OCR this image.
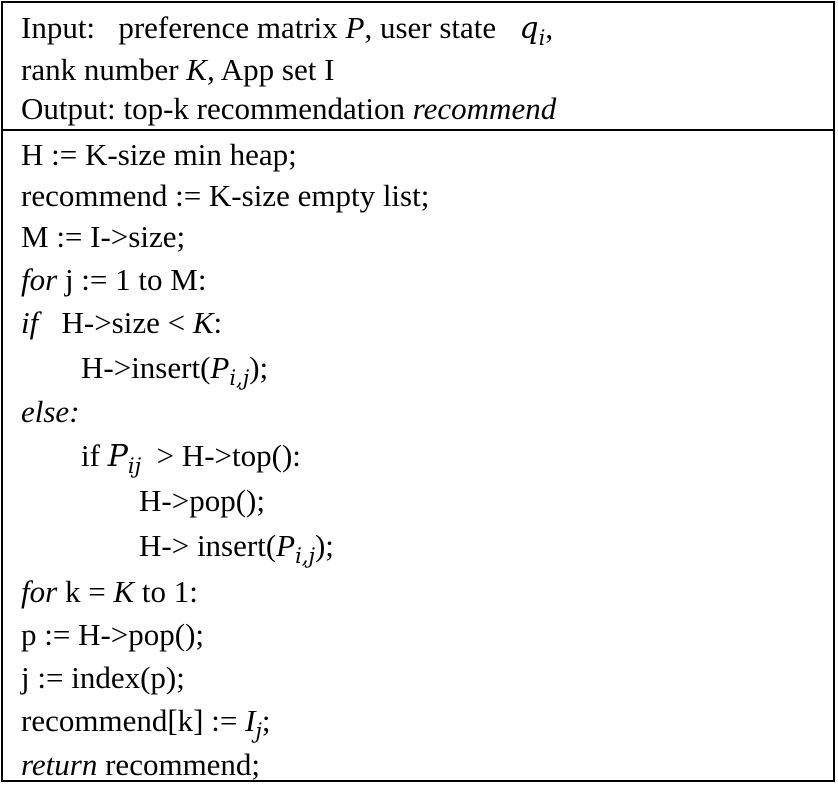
Input: preference matrix P, user state $q_i$,
rank number K, App set I
Output: top-k recommendation recommend
H := K-size min heap;
recommend := K-size empty list;
M := I->size;
for j := 1 to M:
if   H->size < K:
$H->insert(P_{i,j})$;
else:
if $P_{ij} > H->top()$:
H->pop();
$H-> insert(P_{i,j})$;
for k = K to 1:
p := H->pop();
j := index(p);
recommend[k] := $I_j$;
return recommend;
